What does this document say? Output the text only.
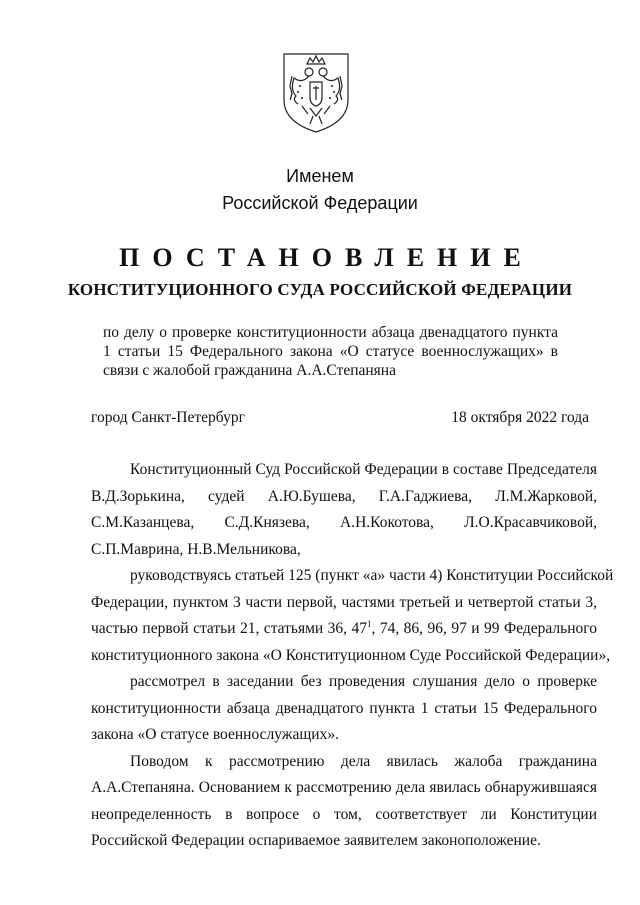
Именем
Российской Федерации
ПОСТАНОВЛЕНИЕ
КОНСТИТУЦИОННОГО СУДА РОССИЙСКОЙ ФЕДЕРАЦИИ
по делу о проверке конституционности абзаца двенадцатого пункта
1 статьи 15 Федерального закона «О статусе военнослужащих» в
связи с жалобой гражданина А.А.Степаняна
город Санкт-Петербург	18 октября 2022 года
Конституционный Суд Российской Федерации в составе Председателя
В.Д.Зорькина, судей А.Ю.Бушева, Г.А.Гаджиева, Л.М.Жарковой,
С.М.Казанцева, С.Д.Князева, А.Н.Кокотова, Л.О.Красавчиковой,
С.П.Маврина, Н.В.Мельникова,
руководствуясь статьей 125 (пункт «а» части 4) Конституции Российской
Федерации, пунктом 3 части первой, частями третьей и четвертой статьи 3,
частью первой статьи 21, статьями 36, $47^1$, 74, 86, 96, 97 и 99 Федерального
конституционного закона «О Конституционном Суде Российской Федерации»,
рассмотрел в заседании без проведения слушания дело о проверке
конституционности абзаца двенадцатого пункта 1 статьи 15 Федерального
закона «О статусе военнослужащих».
Поводом к рассмотрению дела явилась жалоба гражданина
А.А.Степаняна. Основанием к рассмотрению дела явилась обнаружившаяся
неопределенность в вопросе о том, соответствует ли Конституции
Российской Федерации оспариваемое заявителем законоположение.
